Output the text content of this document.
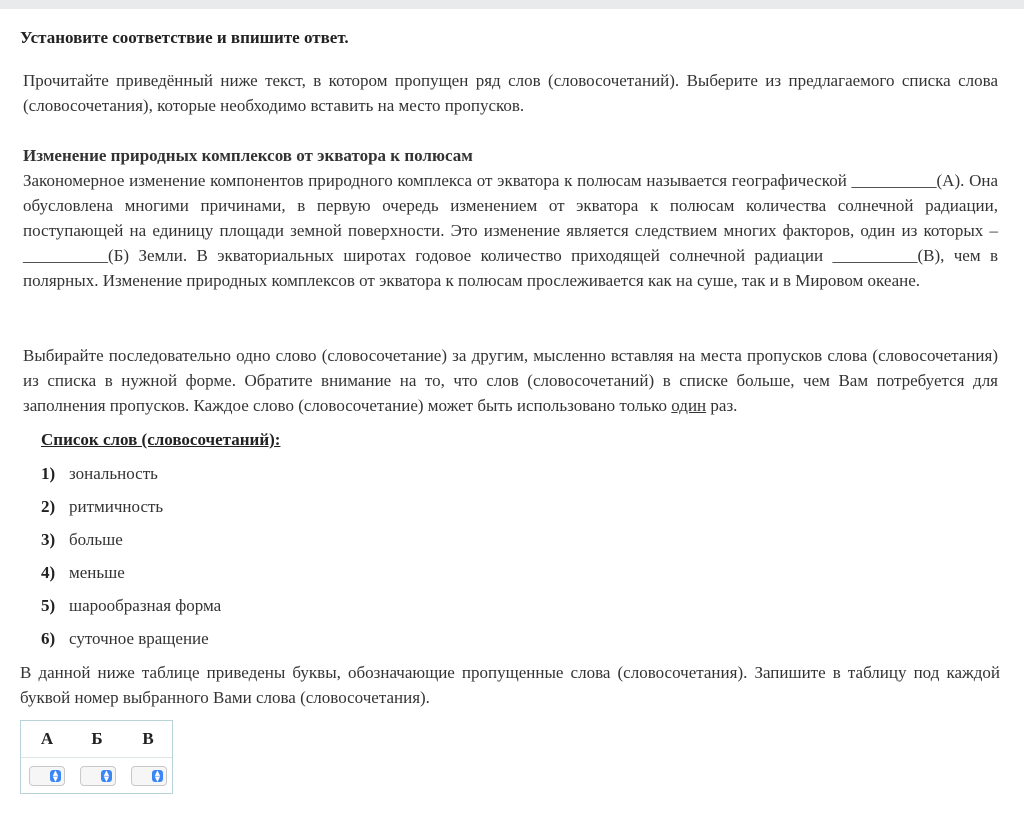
Установите соответствие и впишите ответ.
Прочитайте приведённый ниже текст, в котором пропущен ряд слов (словосочетаний). Выберите из предлагаемого списка слова (словосочетания), которые необходимо вставить на место пропусков.
Изменение природных комплексов от экватора к полюсам
Закономерное изменение компонентов природного комплекса от экватора к полюсам называется географической __________(А). Она обусловлена многими причинами, в первую очередь изменением от экватора к полюсам количества солнечной радиации, поступающей на единицу площади земной поверхности. Это изменение является следствием многих факторов, один из которых – __________(Б) Земли. В экваториальных широтах годовое количество приходящей солнечной радиации __________(В), чем в полярных. Изменение природных комплексов от экватора к полюсам прослеживается как на суше, так и в Мировом океане.
Выбирайте последовательно одно слово (словосочетание) за другим, мысленно вставляя на места пропусков слова (словосочетания) из списка в нужной форме. Обратите внимание на то, что слов (словосочетаний) в списке больше, чем Вам потребуется для заполнения пропусков. Каждое слово (словосочетание) может быть использовано только один раз.
Список слов (словосочетаний):
1) зональность
2) ритмичность
3) больше
4) меньше
5) шарообразная форма
6) суточное вращение
В данной ниже таблице приведены буквы, обозначающие пропущенные слова (словосочетания). Запишите в таблицу под каждой буквой номер выбранного Вами слова (словосочетания).
А Б В
▲
▼
▲
▼
▲
▼
